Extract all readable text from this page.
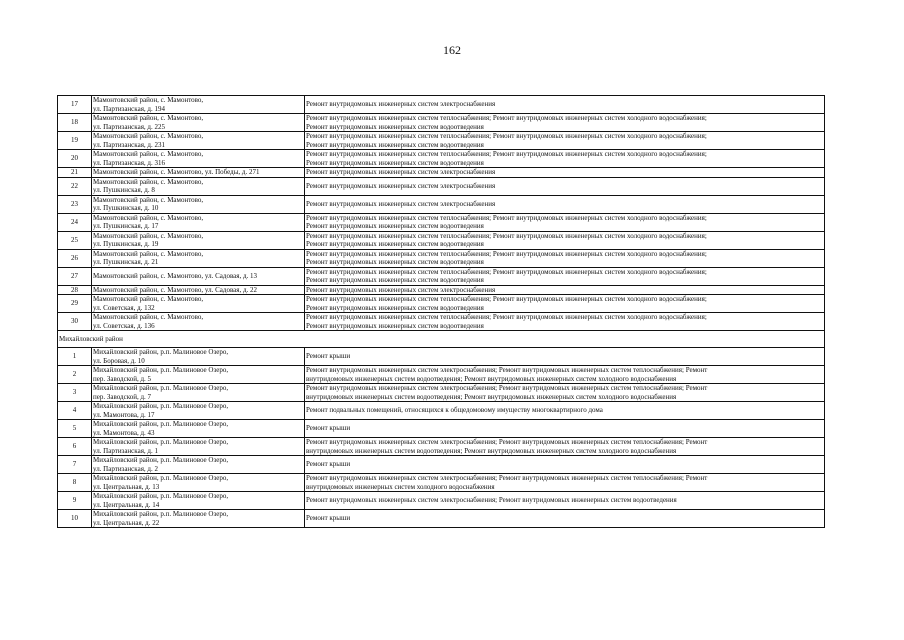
162
17	Мамонтовский район, с. Мамонтово,
ул. Партизанская, д. 194	Ремонт внутридомовых инженерных систем электроснабжения

18	Мамонтовский район, с. Мамонтово,
ул. Партизанская, д. 225	Ремонт внутридомовых инженерных систем теплоснабжения; Ремонт внутридомовых инженерных систем холодного водоснабжения;
Ремонт внутридомовых инженерных систем водоотведения

19	Мамонтовский район, с. Мамонтово,
ул. Партизанская, д. 231	Ремонт внутридомовых инженерных систем теплоснабжения; Ремонт внутридомовых инженерных систем холодного водоснабжения;
Ремонт внутридомовых инженерных систем водоотведения

20	Мамонтовский район, с. Мамонтово,
ул. Партизанская, д. 316	Ремонт внутридомовых инженерных систем теплоснабжения; Ремонт внутридомовых инженерных систем холодного водоснабжения;
Ремонт внутридомовых инженерных систем водоотведения

21	Мамонтовский район, с. Мамонтово, ул. Победы, д. 271	Ремонт внутридомовых инженерных систем электроснабжения

22	Мамонтовский район, с. Мамонтово,
ул. Пушкинская, д. 8	Ремонт внутридомовых инженерных систем электроснабжения

23	Мамонтовский район, с. Мамонтово,
ул. Пушкинская, д. 10	Ремонт внутридомовых инженерных систем электроснабжения

24	Мамонтовский район, с. Мамонтово,
ул. Пушкинская, д. 17	Ремонт внутридомовых инженерных систем теплоснабжения; Ремонт внутридомовых инженерных систем холодного водоснабжения;
Ремонт внутридомовых инженерных систем водоотведения

25	Мамонтовский район, с. Мамонтово,
ул. Пушкинская, д. 19	Ремонт внутридомовых инженерных систем теплоснабжения; Ремонт внутридомовых инженерных систем холодного водоснабжения;
Ремонт внутридомовых инженерных систем водоотведения

26	Мамонтовский район, с. Мамонтово,
ул. Пушкинская, д. 21	Ремонт внутридомовых инженерных систем теплоснабжения; Ремонт внутридомовых инженерных систем холодного водоснабжения;
Ремонт внутридомовых инженерных систем водоотведения

27	Мамонтовский район, с. Мамонтово, ул. Садовая, д. 13	Ремонт внутридомовых инженерных систем теплоснабжения; Ремонт внутридомовых инженерных систем холодного водоснабжения;
Ремонт внутридомовых инженерных систем водоотведения

28	Мамонтовский район, с. Мамонтово, ул. Садовая, д. 22	Ремонт внутридомовых инженерных систем электроснабжения

29	Мамонтовский район, с. Мамонтово,
ул. Советская, д. 132	Ремонт внутридомовых инженерных систем теплоснабжения; Ремонт внутридомовых инженерных систем холодного водоснабжения;
Ремонт внутридомовых инженерных систем водоотведения

30	Мамонтовский район, с. Мамонтово,
ул. Советская, д. 136	Ремонт внутридомовых инженерных систем теплоснабжения; Ремонт внутридомовых инженерных систем холодного водоснабжения;
Ремонт внутридомовых инженерных систем водоотведения

Михайловский район		
1	Михайловский район, р.п. Малиновое Озеро,
ул. Боровая, д. 10	Ремонт крыши

2	Михайловский район, р.п. Малиновое Озеро,
пер. Заводской, д. 5	Ремонт внутридомовых инженерных систем электроснабжения; Ремонт внутридомовых инженерных систем теплоснабжения; Ремонт
внутридомовых инженерных систем водоотведения; Ремонт внутридомовых инженерных систем холодного водоснабжения

3	Михайловский район, р.п. Малиновое Озеро,
пер. Заводской, д. 7	Ремонт внутридомовых инженерных систем электроснабжения; Ремонт внутридомовых инженерных систем теплоснабжения; Ремонт
внутридомовых инженерных систем водоотведения; Ремонт внутридомовых инженерных систем холодного водоснабжения

4	Михайловский район, р.п. Малиновое Озеро,
ул. Мамонтова, д. 17	Ремонт подвальных помещений, относящихся к общедомовому имуществу многоквартирного дома

5	Михайловский район, р.п. Малиновое Озеро,
ул. Мамонтова, д. 43	Ремонт крыши

6	Михайловский район, р.п. Малиновое Озеро,
ул. Партизанская, д. 1	Ремонт внутридомовых инженерных систем электроснабжения; Ремонт внутридомовых инженерных систем теплоснабжения; Ремонт
внутридомовых инженерных систем водоотведения; Ремонт внутридомовых инженерных систем холодного водоснабжения

7	Михайловский район, р.п. Малиновое Озеро,
ул. Партизанская, д. 2	Ремонт крыши

8	Михайловский район, р.п. Малиновое Озеро,
ул. Центральная, д. 13	Ремонт внутридомовых инженерных систем электроснабжения; Ремонт внутридомовых инженерных систем теплоснабжения; Ремонт
внутридомовых инженерных систем холодного водоснабжения

9	Михайловский район, р.п. Малиновое Озеро,
ул. Центральная, д. 14	Ремонт внутридомовых инженерных систем электроснабжения; Ремонт внутридомовых инженерных систем водоотведения

10	Михайловский район, р.п. Малиновое Озеро,
ул. Центральная, д. 22	Ремонт крыши
